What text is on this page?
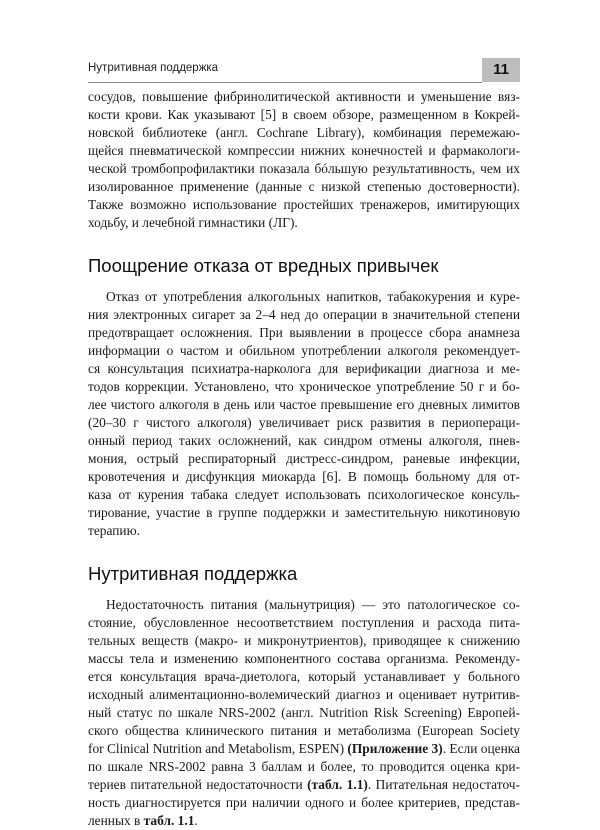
Нутритивная поддержка	11
сосудов, повышение фибринолитической активности и уменьшение вяз-
кости крови. Как указывают [5] в своем обзоре, размещенном в Кокрей-
новской библиотеке (англ. Cochrane Library), комбинация перемежаю-
щейся пневматической компрессии нижних конечностей и фармакологи-
ческой тромбопрофилактики показала бóльшую результативность, чем их
изолированное применение (данные с низкой степенью достоверности).
Также возможно использование простейших тренажеров, имитирующих
ходьбу, и лечебной гимнастики (ЛГ).
Поощрение отказа от вредных привычек
Отказ от употребления алкогольных напитков, табакокурения и куре-
ния электронных сигарет за 2–4 нед до операции в значительной степени
предотвращает осложнения. При выявлении в процессе сбора анамнеза
информации о частом и обильном употреблении алкоголя рекомендует-
ся консультация психиатра-нарколога для верификации диагноза и ме-
тодов коррекции. Установлено, что хроническое употребление 50 г и бо-
лее чистого алкоголя в день или частое превышение его дневных лимитов
(20–30 г чистого алкоголя) увеличивает риск развития в периопераци-
онный период таких осложнений, как синдром отмены алкоголя, пнев-
мония, острый респираторный дистресс-синдром, раневые инфекции,
кровотечения и дисфункция миокарда [6]. В помощь больному для от-
каза от курения табака следует использовать психологическое консуль-
тирование, участие в группе поддержки и заместительную никотиновую
терапию.
Нутритивная поддержка
Недостаточность питания (мальнутриция) — это патологическое со-
стояние, обусловленное несоответствием поступления и расхода пита-
тельных веществ (макро- и микронутриентов), приводящее к снижению
массы тела и изменению компонентного состава организма. Рекоменду-
ется консультация врача-диетолога, который устанавливает у больного
исходный алиментационно-волемический диагноз и оценивает нутритив-
ный статус по шкале NRS-2002 (англ. Nutrition Risk Screening) Европей-
ского общества клинического питания и метаболизма (European Society
for Clinical Nutrition and Metabolism, ESPEN) (Приложение 3). Если оценка
по шкале NRS-2002 равна 3 баллам и более, то проводится оценка кри-
териев питательной недостаточности (табл. 1.1). Питательная недостаточ-
ность диагностируется при наличии одного и более критериев, представ-
ленных в табл. 1.1.
